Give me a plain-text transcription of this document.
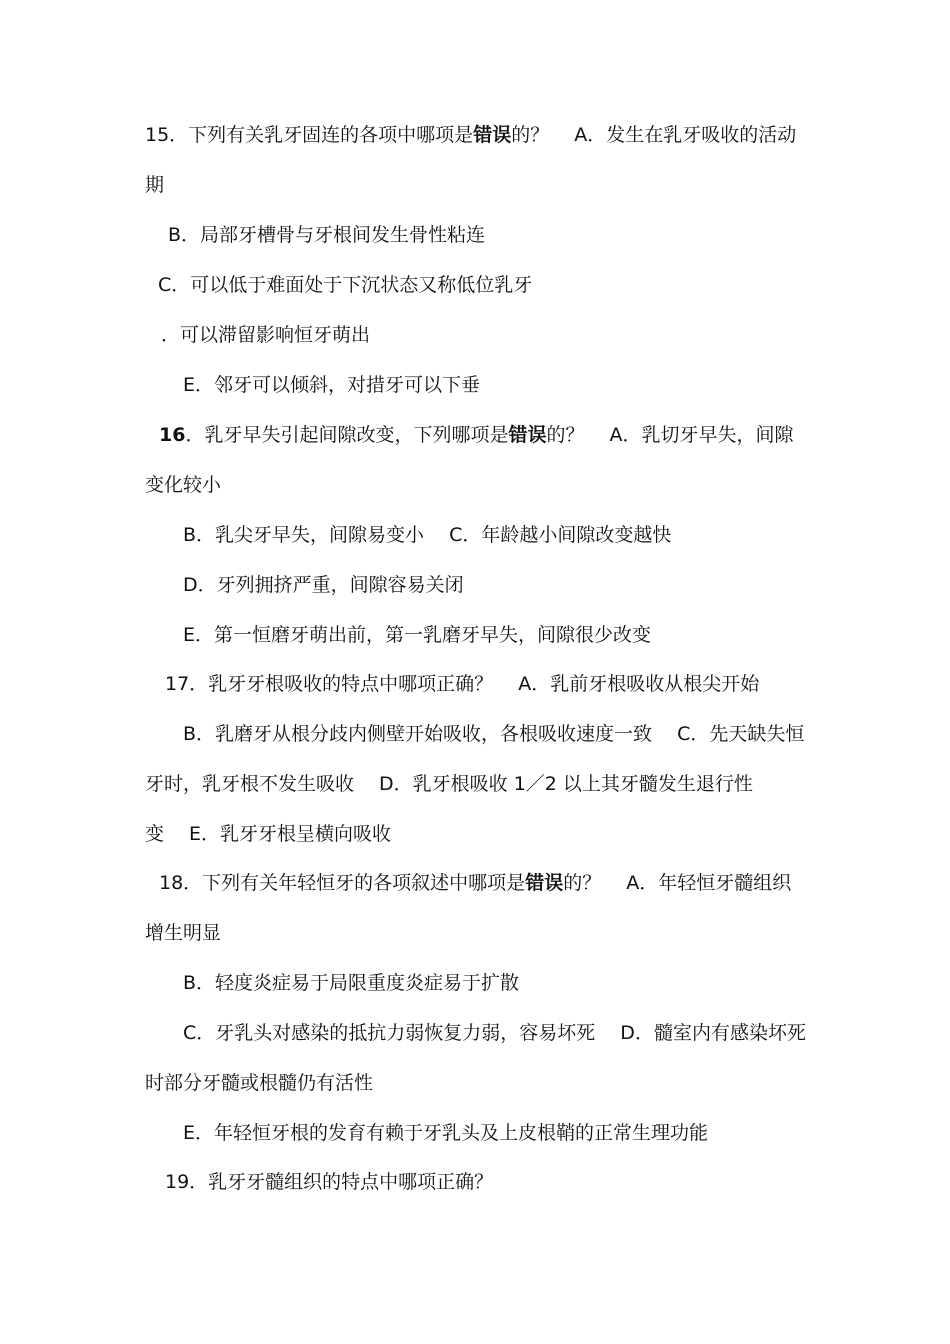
15．下列有关乳牙固连的各项中哪项是错误的？　 A．发生在乳牙吸收的活动
期
B．局部牙槽骨与牙根间发生骨性粘连
C．可以低于难面处于下沉状态又称低位乳牙
．可以滞留影响恒牙萌出
E．邻牙可以倾斜，对措牙可以下垂
16．乳牙早失引起间隙改变，下列哪项是错误的？　 A．乳切牙早失，间隙
变化较小
B．乳尖牙早失，间隙易变小　 C．年龄越小间隙改变越快
D．牙列拥挤严重，间隙容易关闭
E．第一恒磨牙萌出前，第一乳磨牙早失，间隙很少改变
17．乳牙牙根吸收的特点中哪项正确？　 A．乳前牙根吸收从根尖开始
B．乳磨牙从根分歧内侧壁开始吸收，各根吸收速度一致　 C．先天缺失恒
牙时，乳牙根不发生吸收　 D．乳牙根吸收 1／2 以上其牙髓发生退行性
变　 E．乳牙牙根呈横向吸收
18．下列有关年轻恒牙的各项叙述中哪项是错误的？　 A．年轻恒牙髓组织
增生明显
B．轻度炎症易于局限重度炎症易于扩散
C．牙乳头对感染的抵抗力弱恢复力弱，容易坏死　 D．髓室内有感染坏死
时部分牙髓或根髓仍有活性
E．年轻恒牙根的发育有赖于牙乳头及上皮根鞘的正常生理功能
19．乳牙牙髓组织的特点中哪项正确？
